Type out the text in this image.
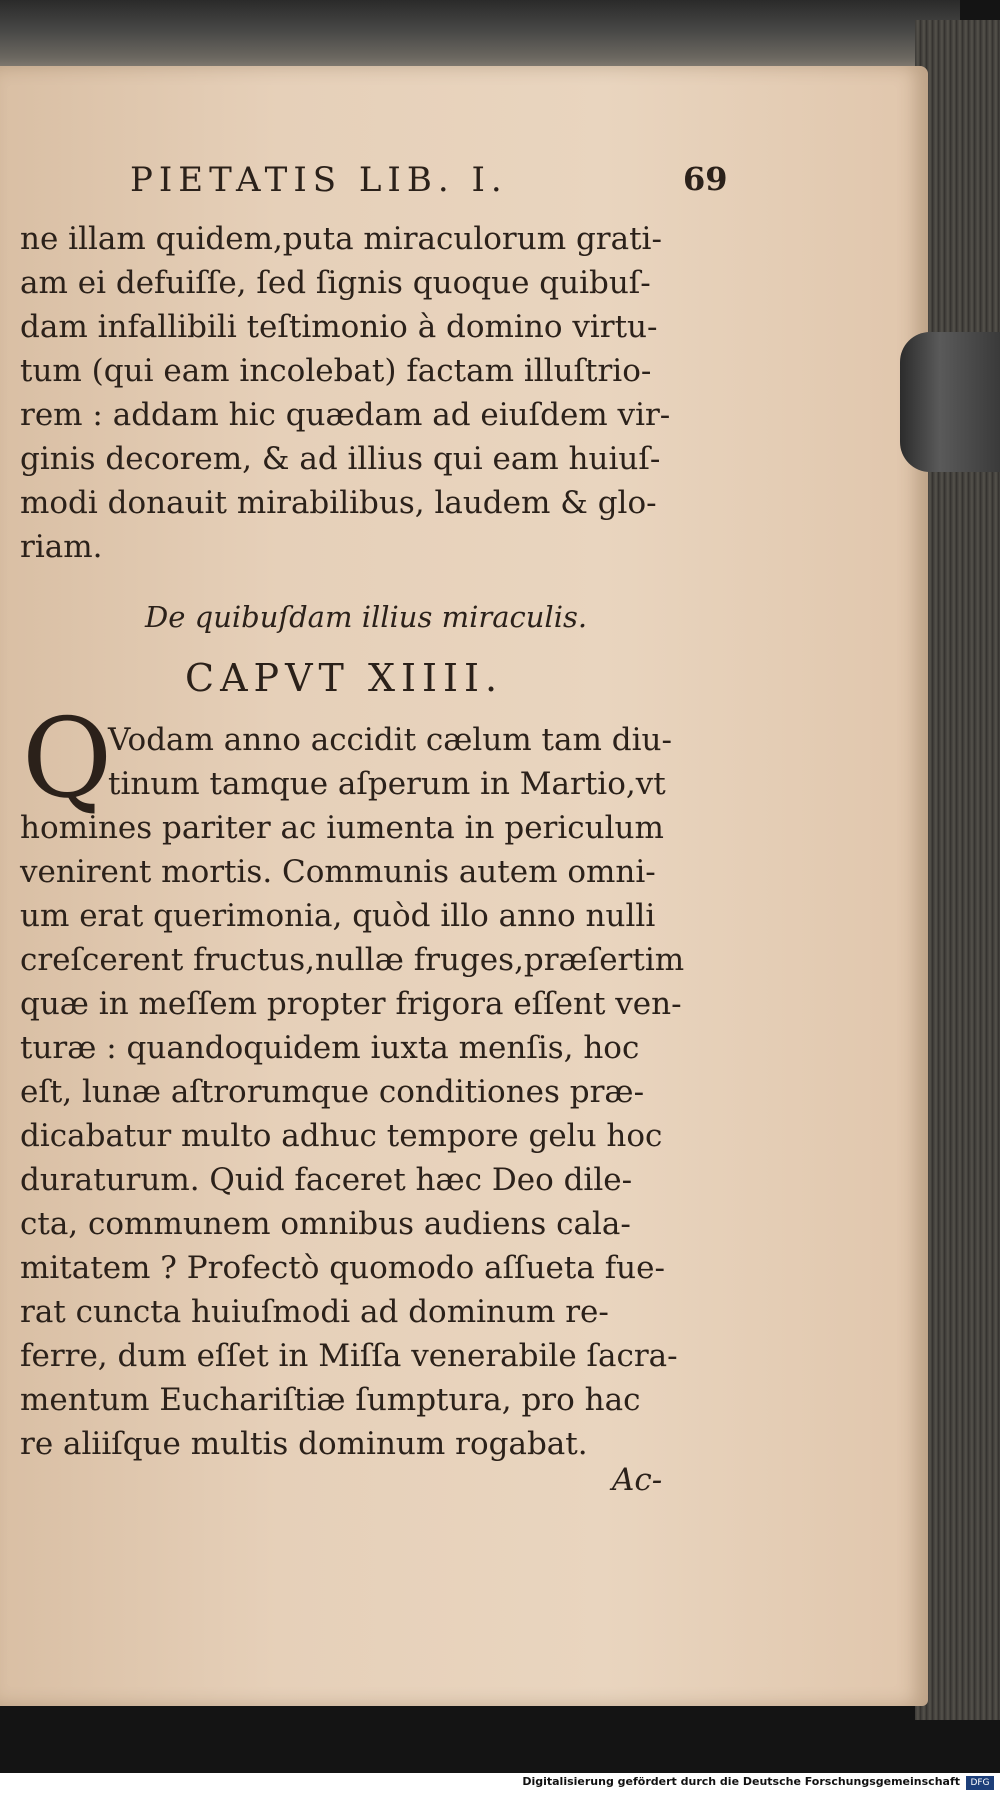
PIETATIS LIB. I.	69
ne illam quidem,puta miraculorum grati-
am ei defuiſſe, ſed ſignis quoque quibuſ-
dam infallibili teſtimonio à domino virtu-
tum (qui eam incolebat) factam illuſtrio-
rem : addam hic quædam ad eiuſdem vir-
ginis decorem, & ad illius qui eam huiuſ-
modi donauit mirabilibus, laudem & glo-
riam.
De quibuſdam illius miraculis.
CAPVT XIIII.
Q
Vodam anno accidit cælum tam diu-
tinum tamque aſperum in Martio,vt
homines pariter ac iumenta in periculum
venirent mortis. Communis autem omni-
um erat querimonia, quòd illo anno nulli
creſcerent fructus,nullæ fruges,præſertim
quæ in meſſem propter frigora eſſent ven-
turæ : quandoquidem iuxta menſis, hoc
eſt, lunæ aſtrorumque conditiones præ-
dicabatur multo adhuc tempore gelu hoc
duraturum. Quid faceret hæc Deo dile-
cta, communem omnibus audiens cala-
mitatem ? Profectò quomodo aſſueta fue-
rat cuncta huiuſmodi ad dominum re-
ferre, dum eſſet in Miſſa venerabile ſacra-
mentum Euchariſtiæ ſumptura, pro hac
re aliiſque multis dominum rogabat.
Ac-
Digitalisierung gefördert durch die Deutsche Forschungsgemeinschaft	DFG
